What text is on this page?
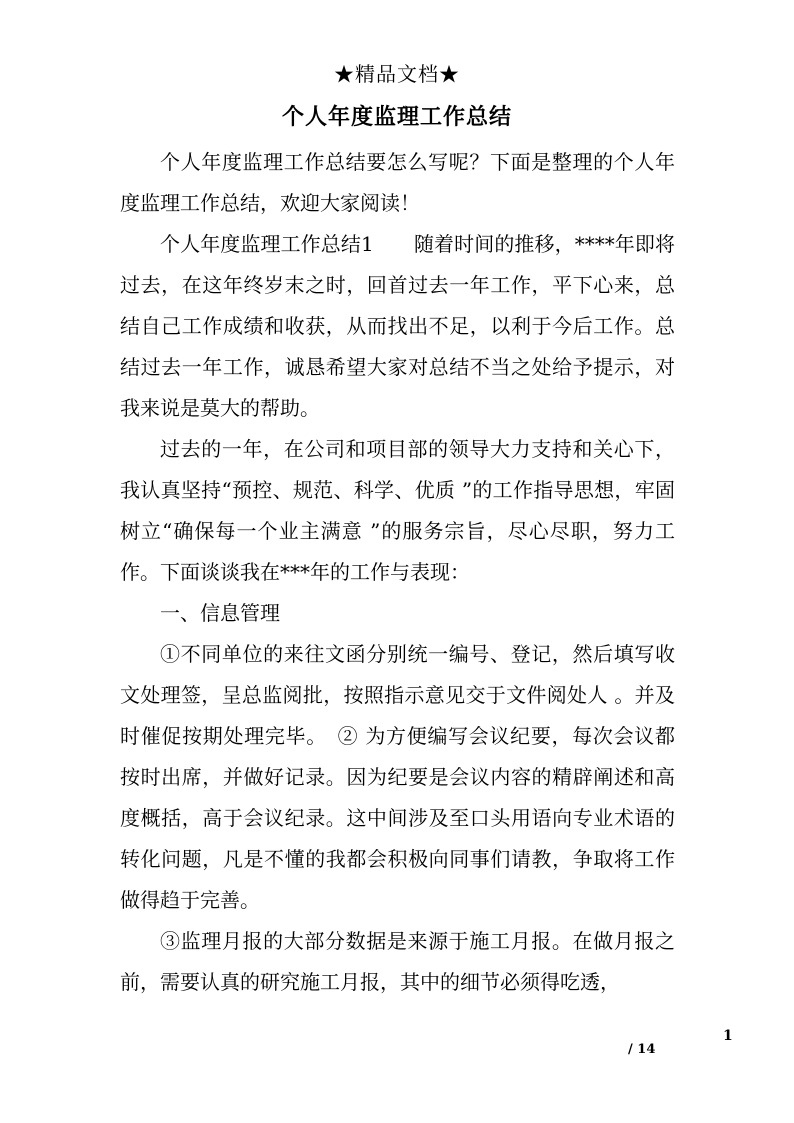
★精品文档★
个人年度监理工作总结

个人年度监理工作总结要怎么写呢？下面是整理的个人年度监理工作总结，欢迎大家阅读！

个人年度监理工作总结1　　随着时间的推移，****年即将过去，在这年终岁末之时，回首过去一年工作，平下心来，总结自己工作成绩和收获，从而找出不足，以利于今后工作。总结过去一年工作，诚恳希望大家对总结不当之处给予提示，对我来说是莫大的帮助。

过去的一年，在公司和项目部的领导大力支持和关心下，我认真坚持“预控、规范、科学、优质 ”的工作指导思想，牢固树立“确保每一个业主满意 ”的服务宗旨，尽心尽职，努力工作。下面谈谈我在***年的工作与表现：

一、信息管理

①不同单位的来往文函分别统一编号、登记，然后填写收文处理签，呈总监阅批，按照指示意见交于文件阅处人 。并及时催促按期处理完毕。　② 为方便编写会议纪要，每次会议都按时出席，并做好记录。因为纪要是会议内容的精辟阐述和高度概括，高于会议纪录。这中间涉及至口头用语向专业术语的转化问题，凡是不懂的我都会积极向同事们请教，争取将工作做得趋于完善。

③监理月报的大部分数据是来源于施工月报。在做月报之前，需要认真的研究施工月报，其中的细节必须得吃透，

1
/ 14
